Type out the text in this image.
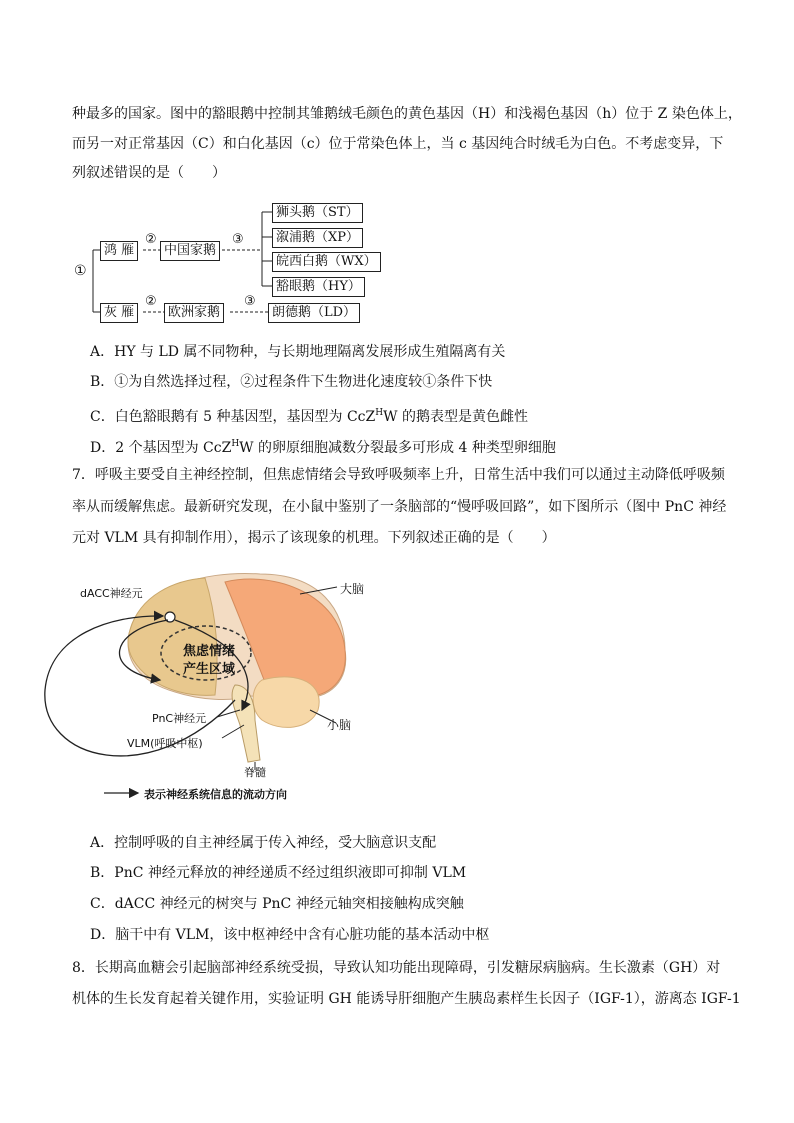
种最多的国家。图中的豁眼鹅中控制其雏鹅绒毛颜色的黄色基因（H）和浅褐色基因（h）位于 Z 染色体上，
而另一对正常基因（C）和白化基因（c）位于常染色体上，当 c 基因纯合时绒毛为白色。不考虑变异，下
列叙述错误的是（　　）
①
鸿 雁
灰 雁
②
②
中国家鹅
欧洲家鹅
③
③
狮头鹅（ST）
溆浦鹅（XP）
皖西白鹅（WX）
豁眼鹅（HY）
朗德鹅（LD）
A．HY 与 LD 属不同物种，与长期地理隔离发展形成生殖隔离有关
B．①为自然选择过程，②过程条件下生物进化速度较①条件下快
C．白色豁眼鹅有 5 种基因型，基因型为 CcZ$^H$W 的鹅表型是黄色雌性
D．2 个基因型为 CcZ$^H$W 的卵原细胞减数分裂最多可形成 4 种类型卵细胞
7．呼吸主要受自主神经控制，但焦虑情绪会导致呼吸频率上升，日常生活中我们可以通过主动降低呼吸频
率从而缓解焦虑。最新研究发现，在小鼠中鉴别了一条脑部的“慢呼吸回路”，如下图所示（图中 PnC 神经
元对 VLM 具有抑制作用），揭示了该现象的机理。下列叙述正确的是（　　）
dACC神经元	大脑
焦虑情绪
产生区域
PnC神经元
VLM(呼吸中枢)
小脑
脊髓
表示神经系统信息的流动方向
A．控制呼吸的自主神经属于传入神经，受大脑意识支配
B．PnC 神经元释放的神经递质不经过组织液即可抑制 VLM
C．dACC 神经元的树突与 PnC 神经元轴突相接触构成突触
D．脑干中有 VLM，该中枢神经中含有心脏功能的基本活动中枢
8．长期高血糖会引起脑部神经系统受损，导致认知功能出现障碍，引发糖尿病脑病。生长激素（GH）对
机体的生长发育起着关键作用，实验证明 GH 能诱导肝细胞产生胰岛素样生长因子（IGF-1），游离态 IGF-1
